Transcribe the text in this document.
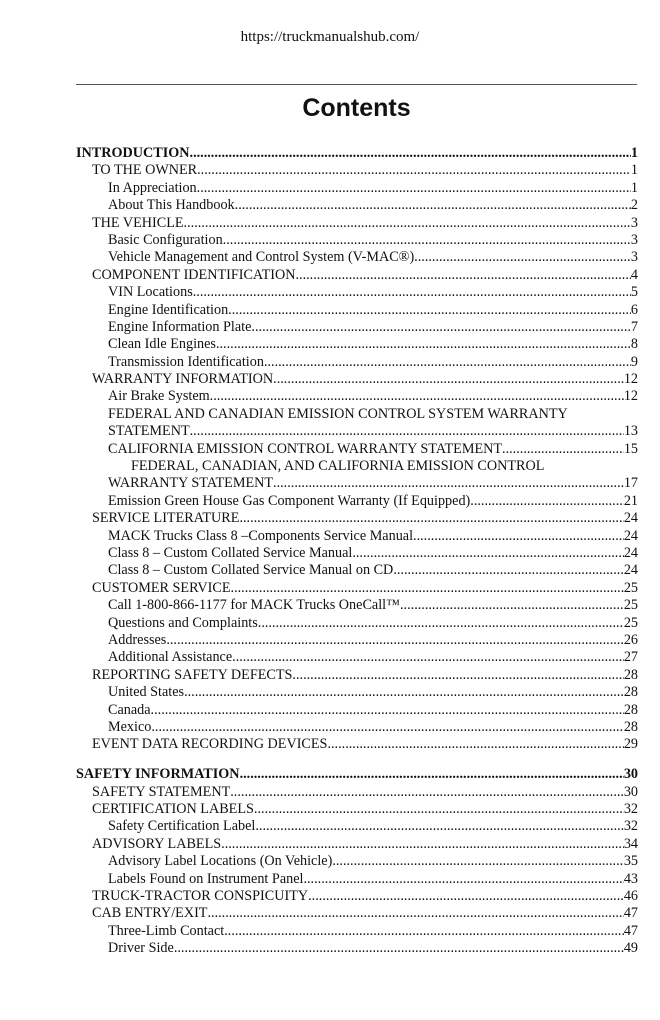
https://truckmanualshub.com/
Contents
INTRODUCTION .....	1
TO THE OWNER .....	1
In Appreciation .....	1
About This Handbook .....	2
THE VEHICLE .....	3
Basic Configuration .....	3
Vehicle Management and Control System (V-MAC®) .....	3
COMPONENT IDENTIFICATION .....	4
VIN Locations .....	5
Engine Identification .....	6
Engine Information Plate .....	7
Clean Idle Engines .....	8
Transmission Identification .....	9
WARRANTY INFORMATION .....	12
Air Brake System .....	12
FEDERAL AND CANADIAN EMISSION CONTROL SYSTEM WARRANTY
STATEMENT .....	13
CALIFORNIA EMISSION CONTROL WARRANTY STATEMENT .....	15
FEDERAL, CANADIAN, AND CALIFORNIA EMISSION CONTROL
WARRANTY STATEMENT .....	17
Emission Green House Gas Component Warranty (If Equipped) .....	21
SERVICE LITERATURE .....	24
MACK Trucks Class 8 –Components Service Manual .....	24
Class 8 – Custom Collated Service Manual .....	24
Class 8 – Custom Collated Service Manual on CD .....	24
CUSTOMER SERVICE .....	25
Call 1-800-866-1177 for MACK Trucks OneCall™ .....	25
Questions and Complaints .....	25
Addresses .....	26
Additional Assistance .....	27
REPORTING SAFETY DEFECTS .....	28
United States .....	28
Canada .....	28
Mexico .....	28
EVENT DATA RECORDING DEVICES .....	29
SAFETY INFORMATION .....	30
SAFETY STATEMENT .....	30
CERTIFICATION LABELS .....	32
Safety Certification Label .....	32
ADVISORY LABELS .....	34
Advisory Label Locations (On Vehicle) .....	35
Labels Found on Instrument Panel .....	43
TRUCK-TRACTOR CONSPICUITY .....	46
CAB ENTRY/EXIT .....	47
Three-Limb Contact .....	47
Driver Side .....	49
